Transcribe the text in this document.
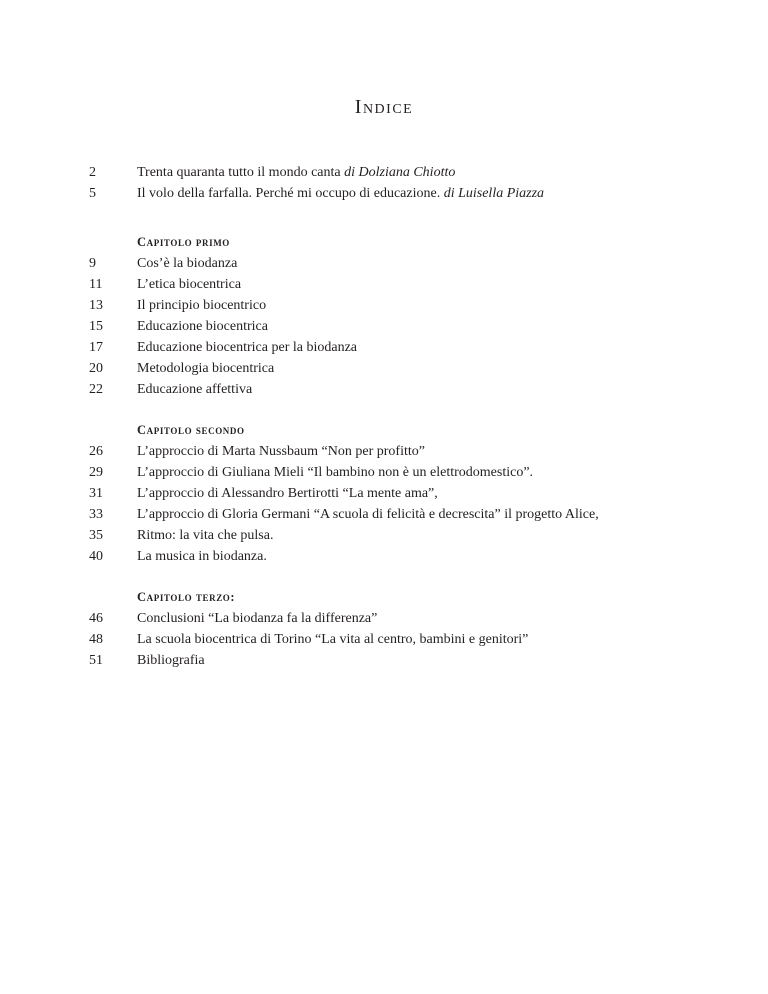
Indice
2	Trenta quaranta tutto il mondo canta di Dolziana Chiotto
5	Il volo della farfalla. Perché mi occupo di educazione. di Luisella Piazza
Capitolo primo
9	Cos’è la biodanza
11	L’etica biocentrica
13	Il principio biocentrico
15	Educazione biocentrica
17	Educazione biocentrica per la biodanza
20	Metodologia biocentrica
22	Educazione affettiva
Capitolo secondo
26	L’approccio di Marta Nussbaum “Non per profitto”
29	L’approccio di Giuliana Mieli “Il bambino non è un elettrodomestico”.
31	L’approccio di Alessandro Bertirotti “La mente ama”,
33	L’approccio di Gloria Germani “A scuola di felicità e decrescita” il progetto Alice,
35	Ritmo: la vita che pulsa.
40	La musica in biodanza.
Capitolo terzo:
46	Conclusioni “La biodanza fa la differenza”
48	La scuola biocentrica di Torino “La vita al centro, bambini e genitori”
51	Bibliografia
